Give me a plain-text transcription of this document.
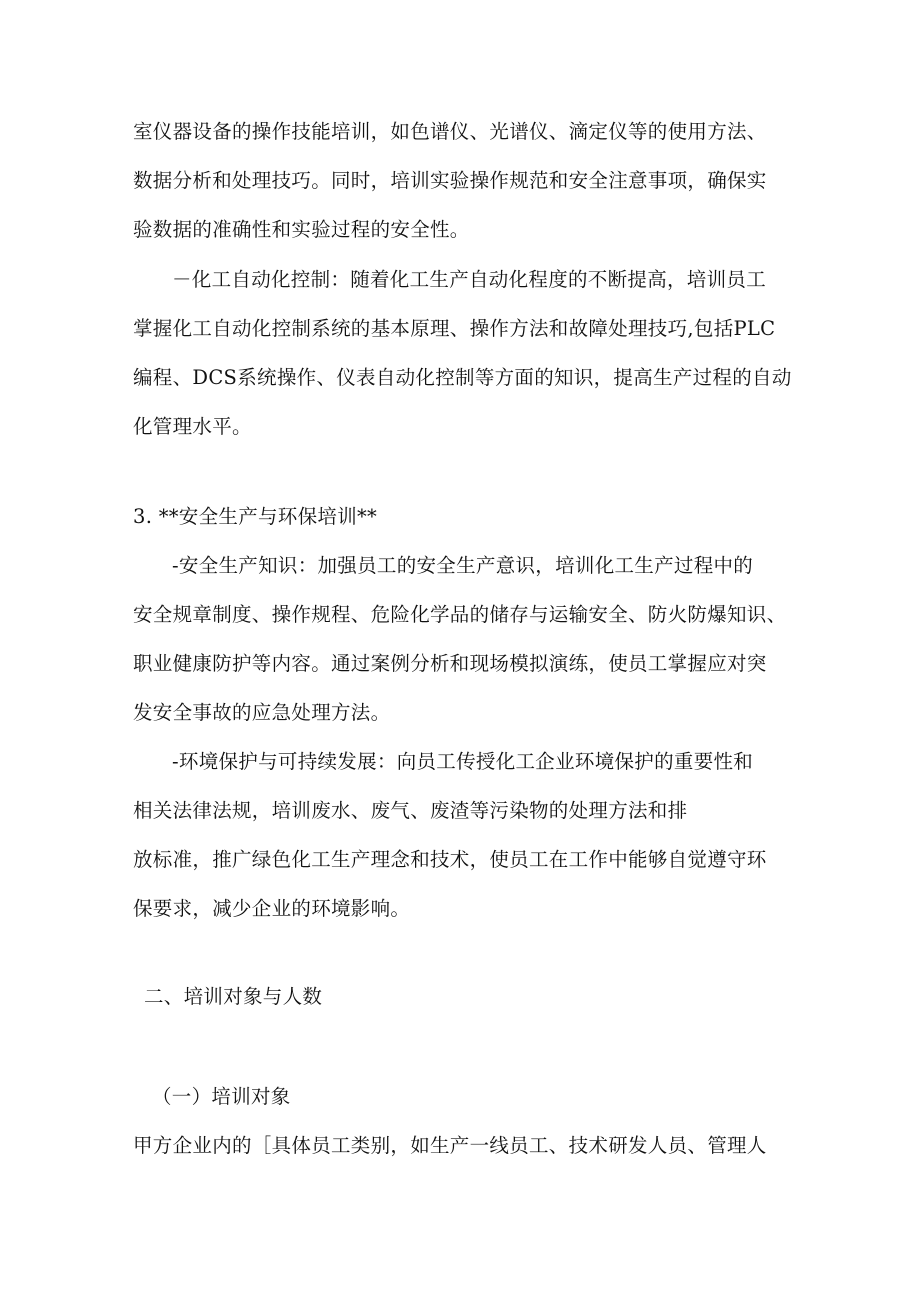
室仪器设备的操作技能培训，如色谱仪、光谱仪、滴定仪等的使用方法、
数据分析和处理技巧。同时，培训实验操作规范和安全注意事项，确保实
验数据的准确性和实验过程的安全性。
－化工自动化控制：随着化工生产自动化程度的不断提高，培训员工
掌握化工自动化控制系统的基本原理、操作方法和故障处理技巧,包括PLC
编程、DCS系统操作、仪表自动化控制等方面的知识，提高生产过程的自动
化管理水平。
3. **安全生产与环保培训**
-安全生产知识：加强员工的安全生产意识，培训化工生产过程中的
安全规章制度、操作规程、危险化学品的储存与运输安全、防火防爆知识、
职业健康防护等内容。通过案例分析和现场模拟演练，使员工掌握应对突
发安全事故的应急处理方法。
-环境保护与可持续发展：向员工传授化工企业环境保护的重要性和
相关法律法规，培训废水、废气、废渣等污染物的处理方法和排
放标准，推广绿色化工生产理念和技术，使员工在工作中能够自觉遵守环
保要求，减少企业的环境影响。
二、培训对象与人数
（一）培训对象
甲方企业内的［具体员工类别，如生产一线员工、技术研发人员、管理人
